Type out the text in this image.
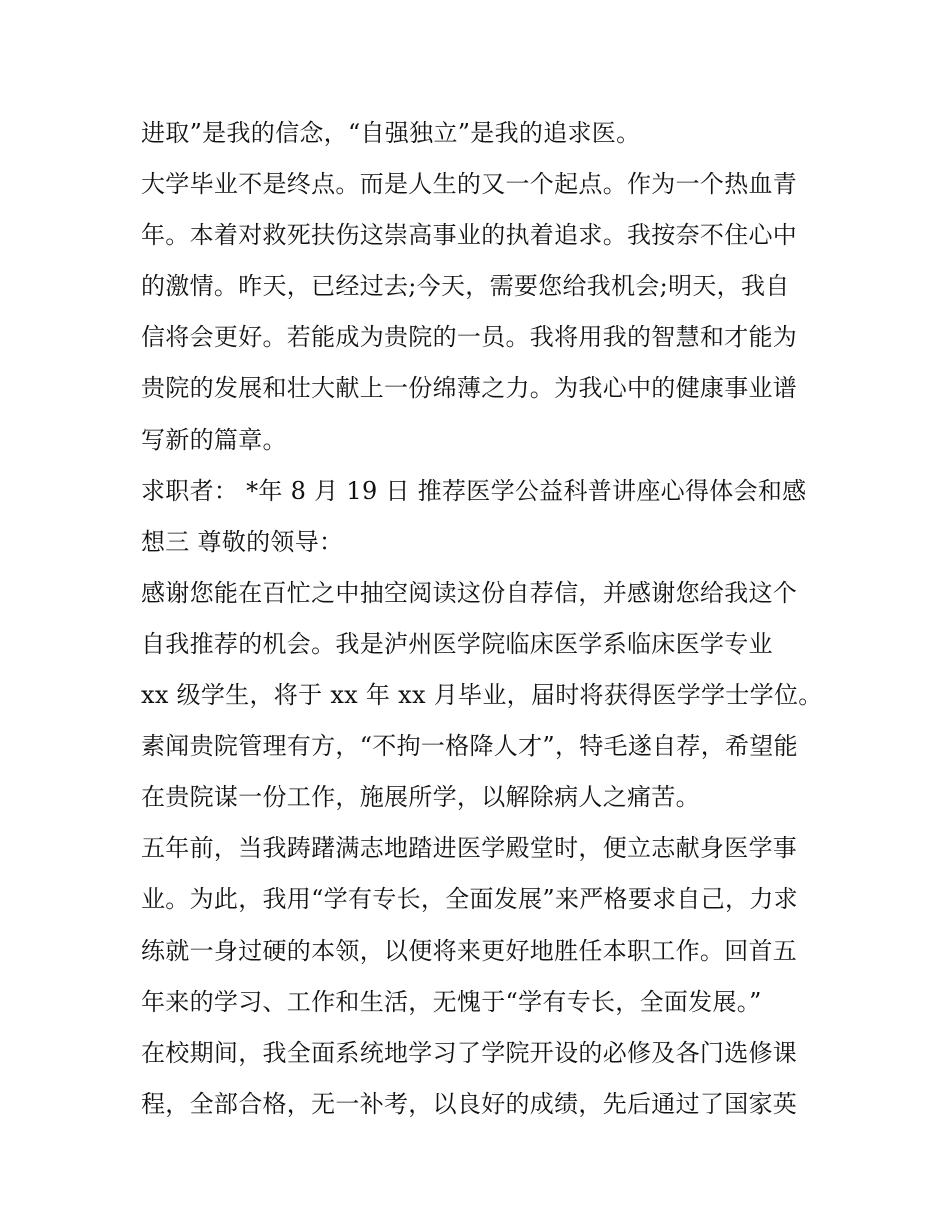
进取”是我的信念，“自强独立”是我的追求医。
大学毕业不是终点。而是人生的又一个起点。作为一个热血青
年。本着对救死扶伤这崇高事业的执着追求。我按奈不住心中
的激情。昨天，已经过去;今天，需要您给我机会;明天，我自
信将会更好。若能成为贵院的一员。我将用我的智慧和才能为
贵院的发展和壮大献上一份绵薄之力。为我心中的健康事业谱
写新的篇章。
求职者： *年 8 月 19 日 推荐医学公益科普讲座心得体会和感
想三 尊敬的领导：
感谢您能在百忙之中抽空阅读这份自荐信，并感谢您给我这个
自我推荐的机会。我是泸州医学院临床医学系临床医学专业
xx 级学生，将于 xx 年 xx 月毕业，届时将获得医学学士学位。
素闻贵院管理有方，“不拘一格降人才”，特毛遂自荐，希望能
在贵院谋一份工作，施展所学，以解除病人之痛苦。
五年前，当我踌躇满志地踏进医学殿堂时，便立志献身医学事
业。为此，我用“学有专长，全面发展”来严格要求自己，力求
练就一身过硬的本领，以便将来更好地胜任本职工作。回首五
年来的学习、工作和生活，无愧于“学有专长，全面发展。”
在校期间，我全面系统地学习了学院开设的必修及各门选修课
程，全部合格，无一补考，以良好的成绩，先后通过了国家英
